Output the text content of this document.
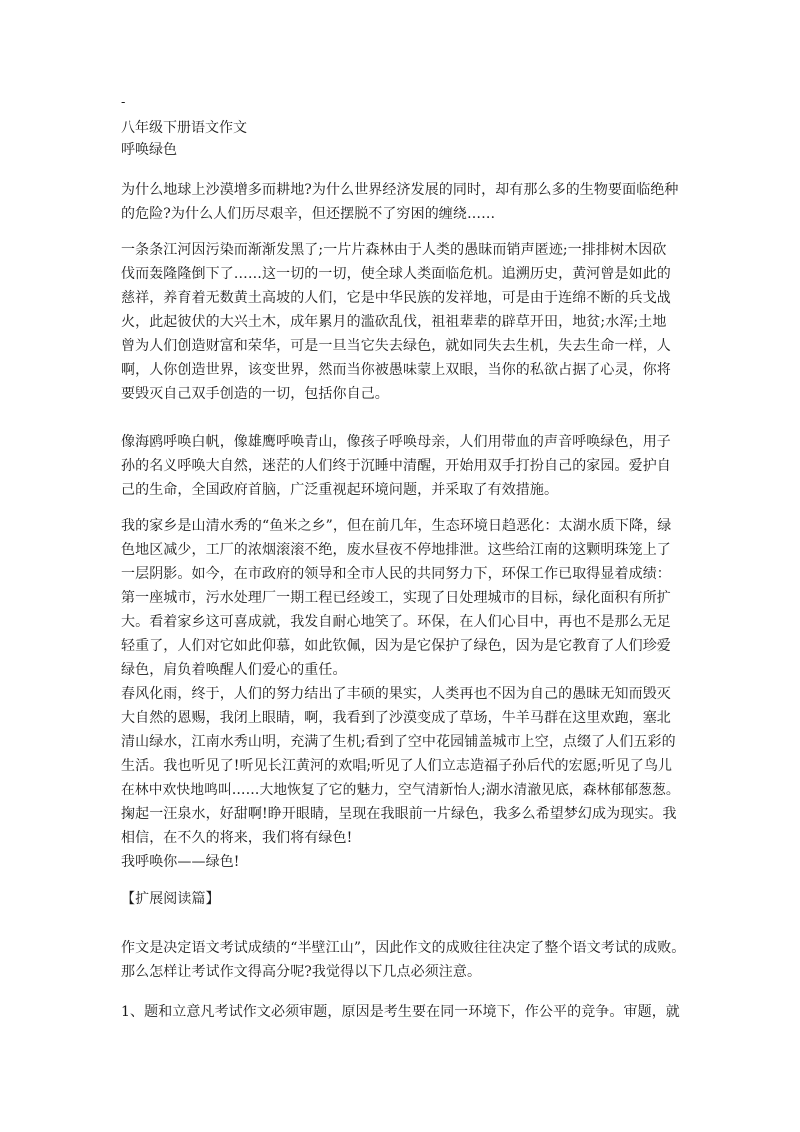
-
八年级下册语文作文
呼唤绿色
为什么地球上沙漠增多而耕地?为什么世界经济发展的同时，却有那么多的生物要面临绝种
的危险?为什么人们历尽艰辛，但还摆脱不了穷困的缠绕……
一条条江河因污染而渐渐发黑了;一片片森林由于人类的愚昧而销声匿迹;一排排树木因砍
伐而轰隆隆倒下了……这一切的一切，使全球人类面临危机。追溯历史，黄河曾是如此的
慈祥，养育着无数黄土高坡的人们，它是中华民族的发祥地，可是由于连绵不断的兵戈战
火，此起彼伏的大兴土木，成年累月的滥砍乱伐，祖祖辈辈的辟草开田，地贫;水浑;土地
曾为人们创造财富和荣华，可是一旦当它失去绿色，就如同失去生机，失去生命一样，人
啊，人你创造世界，该变世界，然而当你被愚味蒙上双眼，当你的私欲占据了心灵，你将
要毁灭自己双手创造的一切，包括你自己。
像海鸥呼唤白帆，像雄鹰呼唤青山，像孩子呼唤母亲，人们用带血的声音呼唤绿色，用子
孙的名义呼唤大自然，迷茫的人们终于沉睡中清醒，开始用双手打扮自己的家园。爱护自
己的生命，全国政府首脑，广泛重视起环境问题，并采取了有效措施。
我的家乡是山清水秀的“鱼米之乡”，但在前几年，生态环境日趋恶化：太湖水质下降，绿
色地区减少，工厂的浓烟滚滚不绝，废水昼夜不停地排泄。这些给江南的这颗明珠笼上了
一层阴影。如今，在市政府的领导和全市人民的共同努力下，环保工作已取得显着成绩：
第一座城市，污水处理厂一期工程已经竣工，实现了日处理城市的目标，绿化面积有所扩
大。看着家乡这可喜成就，我发自耐心地笑了。环保，在人们心目中，再也不是那么无足
轻重了，人们对它如此仰慕，如此钦佩，因为是它保护了绿色，因为是它教育了人们珍爱
绿色，肩负着唤醒人们爱心的重任。
春风化雨，终于，人们的努力结出了丰硕的果实，人类再也不因为自己的愚昧无知而毁灭
大自然的恩赐，我闭上眼睛，啊，我看到了沙漠变成了草场，牛羊马群在这里欢跑，塞北
清山绿水，江南水秀山明，充满了生机;看到了空中花园铺盖城市上空，点缀了人们五彩的
生活。我也听见了!听见长江黄河的欢唱;听见了人们立志造福子孙后代的宏愿;听见了鸟儿
在林中欢快地鸣叫……大地恢复了它的魅力，空气清新怡人;湖水清澈见底，森林郁郁葱葱。
掬起一汪泉水，好甜啊!睁开眼睛，呈现在我眼前一片绿色，我多么希望梦幻成为现实。我
相信，在不久的将来，我们将有绿色!
我呼唤你——绿色!
【扩展阅读篇】
作文是决定语文考试成绩的“半壁江山”，因此作文的成败往往决定了整个语文考试的成败。
那么怎样让考试作文得高分呢?我觉得以下几点必须注意。
1、题和立意凡考试作文必须审题，原因是考生要在同一环境下，作公平的竞争。审题，就
